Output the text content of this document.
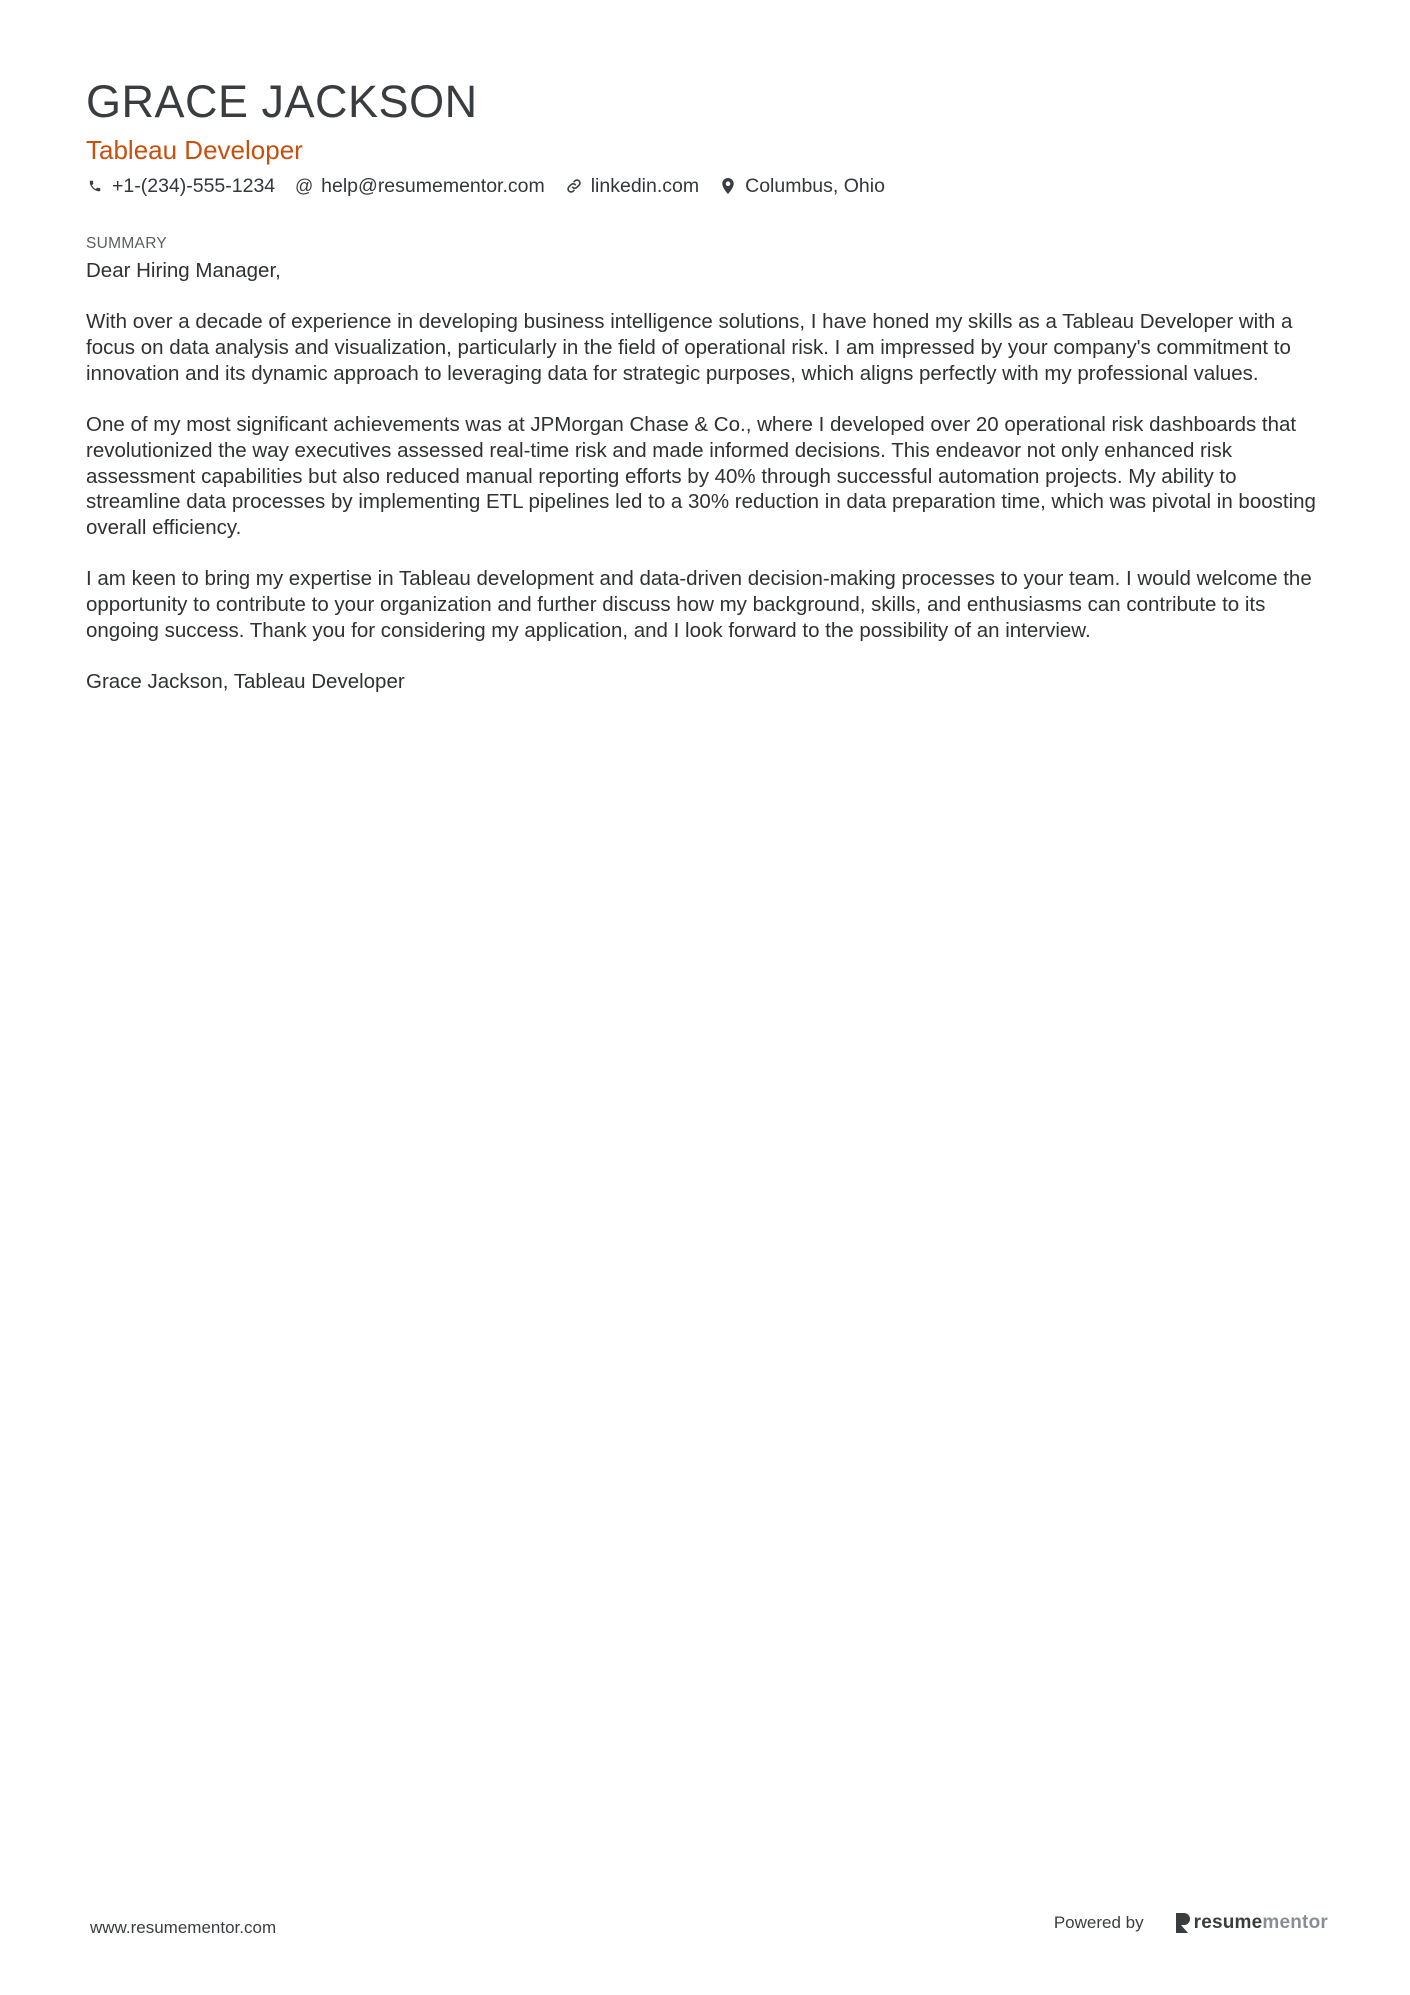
GRACE JACKSON
Tableau Developer
+1-(234)-555-1234 @ help@resumementor.com linkedin.com Columbus, Ohio
SUMMARY

Dear Hiring Manager,

With over a decade of experience in developing business intelligence solutions, I have honed my skills as a Tableau Developer with a focus on data analysis and visualization, particularly in the field of operational risk. I am impressed by your company's commitment to innovation and its dynamic approach to leveraging data for strategic purposes, which aligns perfectly with my professional values.

One of my most significant achievements was at JPMorgan Chase & Co., where I developed over 20 operational risk dashboards that revolutionized the way executives assessed real-time risk and made informed decisions. This endeavor not only enhanced risk assessment capabilities but also reduced manual reporting efforts by 40% through successful automation projects. My ability to streamline data processes by implementing ETL pipelines led to a 30% reduction in data preparation time, which was pivotal in boosting overall efficiency.

I am keen to bring my expertise in Tableau development and data-driven decision-making processes to your team. I would welcome the opportunity to contribute to your organization and further discuss how my background, skills, and enthusiasms can contribute to its ongoing success. Thank you for considering my application, and I look forward to the possibility of an interview.

Grace Jackson, Tableau Developer

www.resumementor.com	Powered by	resume mentor
